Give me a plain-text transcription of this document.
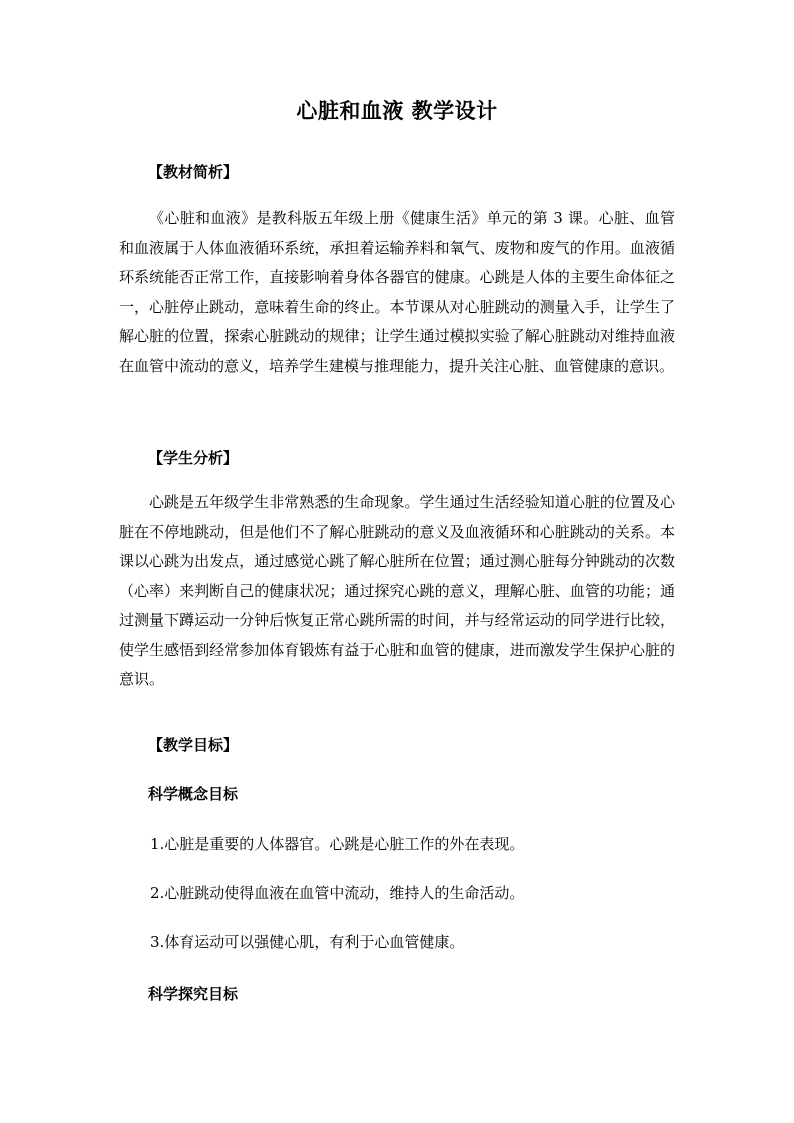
心脏和血液 教学设计
【教材简析】
《心脏和血液》是教科版五年级上册《健康生活》单元的第 3 课。心脏、血管和血液属于人体血液循环系统，承担着运输养料和氧气、废物和废气的作用。血液循环系统能否正常工作，直接影响着身体各器官的健康。心跳是人体的主要生命体征之一，心脏停止跳动，意味着生命的终止。本节课从对心脏跳动的测量入手，让学生了解心脏的位置，探索心脏跳动的规律；让学生通过模拟实验了解心脏跳动对维持血液在血管中流动的意义，培养学生建模与推理能力，提升关注心脏、血管健康的意识。
【学生分析】
心跳是五年级学生非常熟悉的生命现象。学生通过生活经验知道心脏的位置及心脏在不停地跳动，但是他们不了解心脏跳动的意义及血液循环和心脏跳动的关系。本课以心跳为出发点，通过感觉心跳了解心脏所在位置；通过测心脏每分钟跳动的次数（心率）来判断自己的健康状况；通过探究心跳的意义，理解心脏、血管的功能；通过测量下蹲运动一分钟后恢复正常心跳所需的时间，并与经常运动的同学进行比较，使学生感悟到经常参加体育锻炼有益于心脏和血管的健康，进而激发学生保护心脏的意识。
【教学目标】
科学概念目标
1.心脏是重要的人体器官。心跳是心脏工作的外在表现。
2.心脏跳动使得血液在血管中流动，维持人的生命活动。
3.体育运动可以强健心肌，有利于心血管健康。
科学探究目标
